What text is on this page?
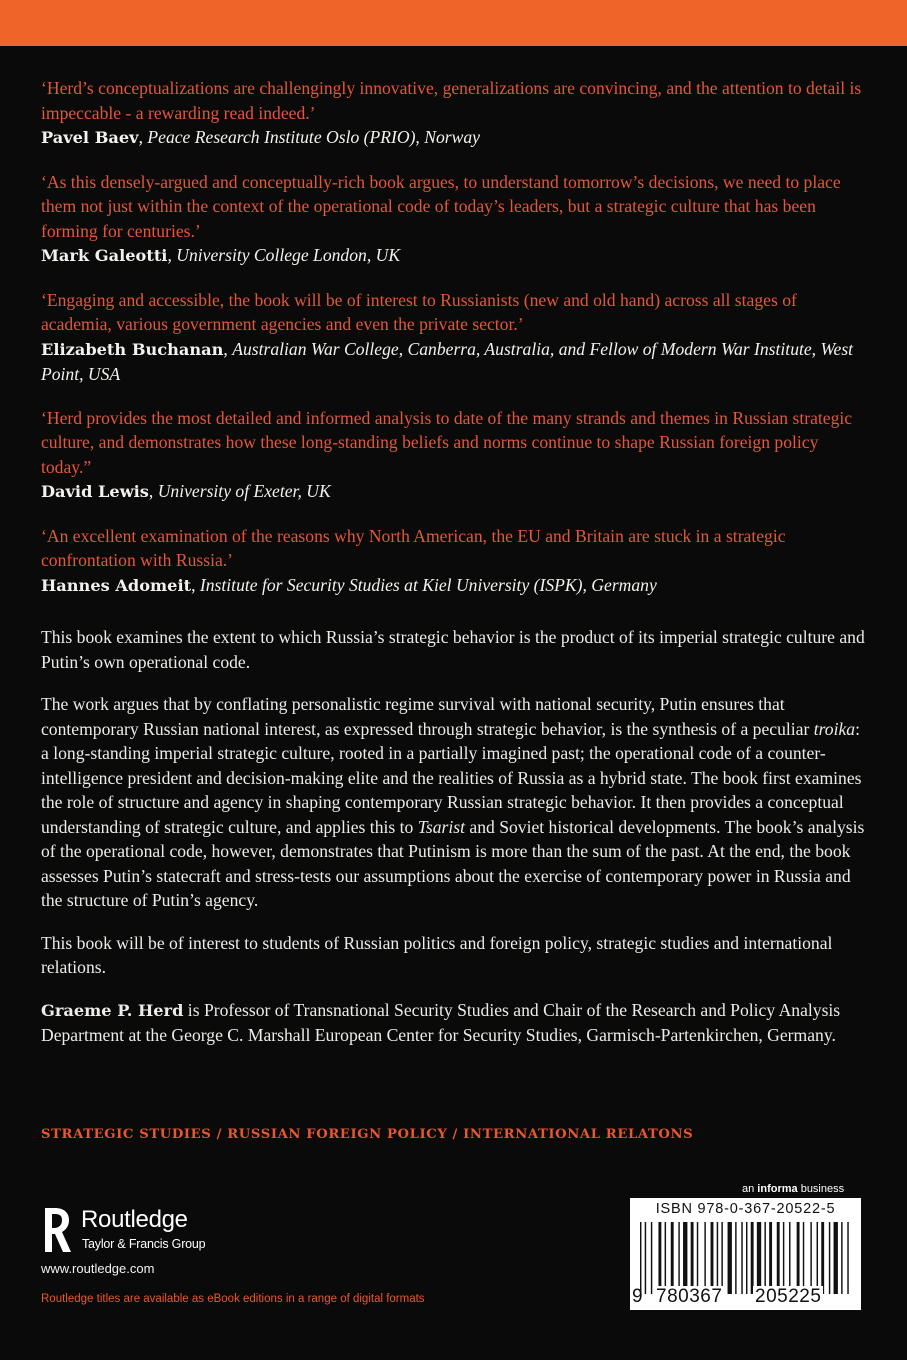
‘Herd’s conceptualizations are challengingly innovative, generalizations are convincing, and the attention to detail is impeccable - a rewarding read indeed.’
Pavel Baev, Peace Research Institute Oslo (PRIO), Norway
‘As this densely-argued and conceptually-rich book argues, to understand tomorrow’s decisions, we need to place them not just within the context of the operational code of today’s leaders, but a strategic culture that has been forming for centuries.’
Mark Galeotti, University College London, UK
‘Engaging and accessible, the book will be of interest to Russianists (new and old hand) across all stages of academia, various government agencies and even the private sector.’
Elizabeth Buchanan, Australian War College, Canberra, Australia, and Fellow of Modern War Institute, West Point, USA
‘Herd provides the most detailed and informed analysis to date of the many strands and themes in Russian strategic culture, and demonstrates how these long-standing beliefs and norms continue to shape Russian foreign policy today.”
David Lewis, University of Exeter, UK
‘An excellent examination of the reasons why North American, the EU and Britain are stuck in a strategic confrontation with Russia.’
Hannes Adomeit, Institute for Security Studies at Kiel University (ISPK), Germany

This book examines the extent to which Russia’s strategic behavior is the product of its imperial strategic culture and Putin’s own operational code.

The work argues that by conflating personalistic regime survival with national security, Putin ensures that contemporary Russian national interest, as expressed through strategic behavior, is the synthesis of a peculiar troika: a long-standing imperial strategic culture, rooted in a partially imagined past; the operational code of a counter-intelligence president and decision-making elite and the realities of Russia as a hybrid state. The book first examines the role of structure and agency in shaping contemporary Russian strategic behavior. It then provides a conceptual understanding of strategic culture, and applies this to Tsarist and Soviet historical developments. The book’s analysis of the operational code, however, demonstrates that Putinism is more than the sum of the past. At the end, the book assesses Putin’s statecraft and stress-tests our assumptions about the exercise of contemporary power in Russia and the structure of Putin’s agency.

This book will be of interest to students of Russian politics and foreign policy, strategic studies and international relations.

Graeme P. Herd is Professor of Transnational Security Studies and Chair of the Research and Policy Analysis Department at the George C. Marshall European Center for Security Studies, Garmisch-Partenkirchen, Germany.

STRATEGIC STUDIES / RUSSIAN FOREIGN POLICY / INTERNATIONAL RELATONS
Routledge
Taylor & Francis Group
www.routledge.com
Routledge titles are available as eBook editions in a range of digital formats
an informa business
ISBN 978-0-367-20522-5
9 780367 205225
